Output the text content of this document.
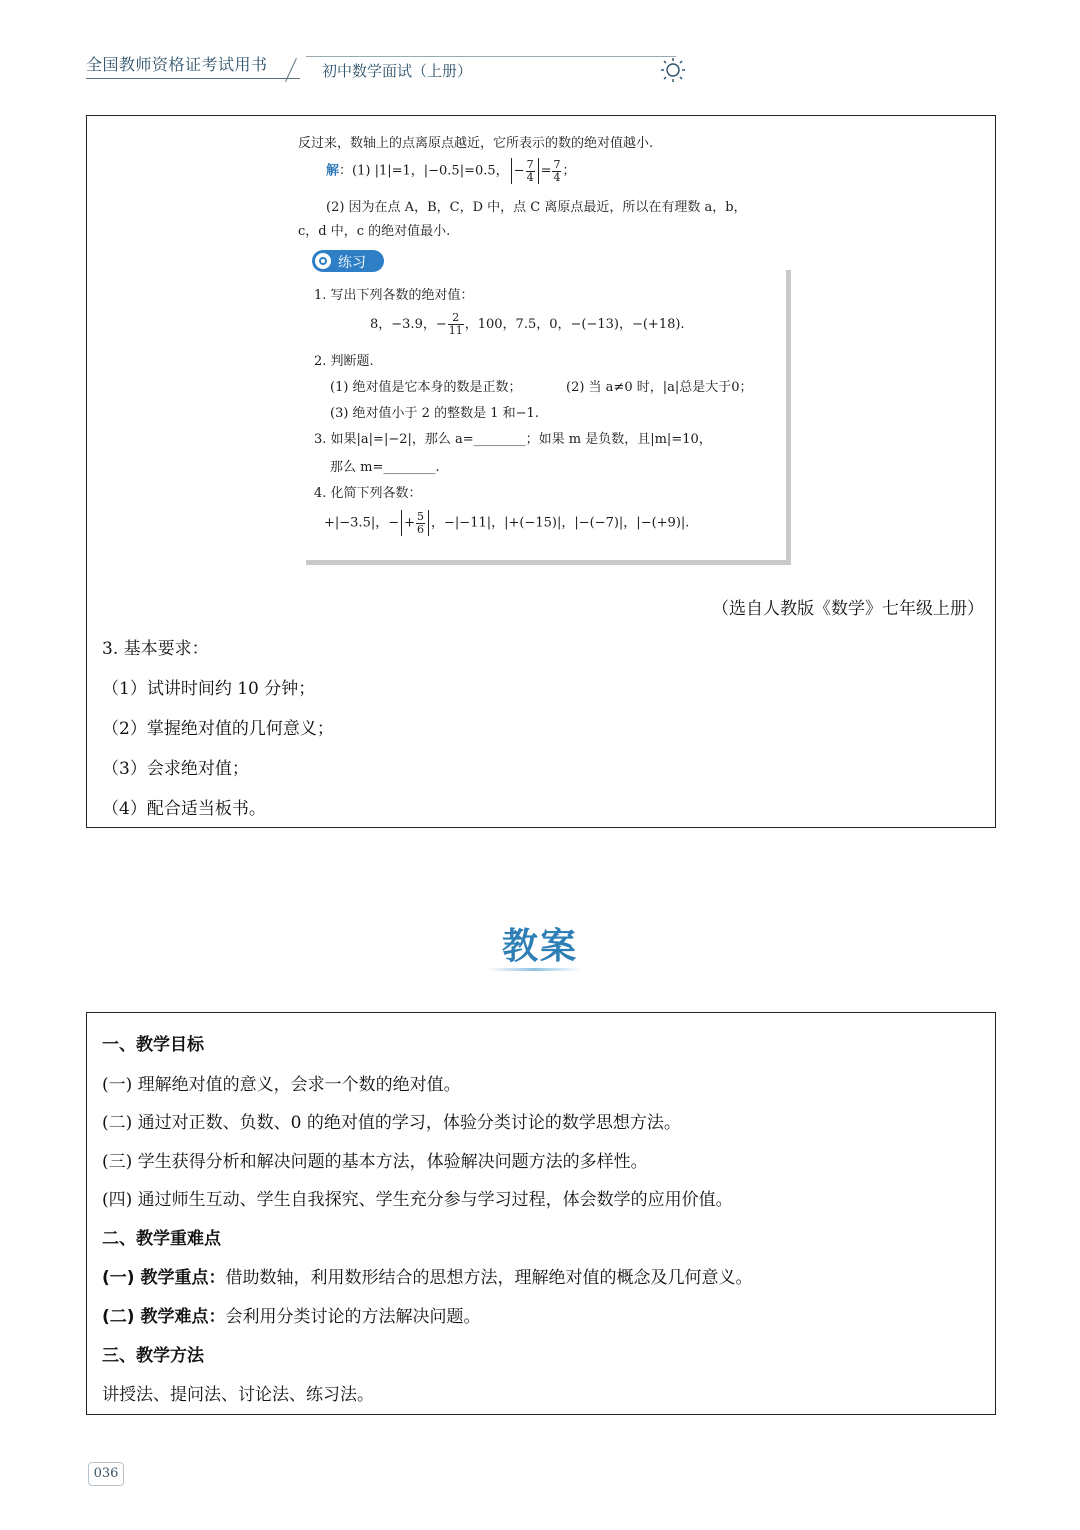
全国教师资格证考试用书	初中数学面试（上册）
反过来，数轴上的点离原点越近，它所表示的数的绝对值越小.
解：(1) |1|=1，|−0.5|=0.5， − $\frac{7}{4} = \frac{7}{4}$ ；
(2) 因为在点 A，B，C，D 中，点 C 离原点最近，所以在有理数 a，b，
c，d 中，c 的绝对值最小.
练习
1. 写出下列各数的绝对值：
8，−3.9，− $\frac{2}{11}$ ，100，7.5，0，−(−13)，−(+18).
2. 判断题.
(1) 绝对值是它本身的数是正数；	(2) 当 a≠0 时，|a|总是大于0；
(3) 绝对值小于 2 的整数是 1 和−1.
3. 如果|a|=|−2|，那么 a=________；如果 m 是负数，且|m|=10，
那么 m=________.
4. 化简下列各数：
+|−3.5|，− + $\frac{5}{6}$ ，−|−11|，|+(−15)|，|−(−7)|，|−(+9)|.
（选自人教版《数学》七年级上册）
3. 基本要求：
（1）试讲时间约 10 分钟；
（2）掌握绝对值的几何意义；
（3）会求绝对值；
（4）配合适当板书。
教案
一、教学目标
(一) 理解绝对值的意义，会求一个数的绝对值。
(二) 通过对正数、负数、0 的绝对值的学习，体验分类讨论的数学思想方法。
(三) 学生获得分析和解决问题的基本方法，体验解决问题方法的多样性。
(四) 通过师生互动、学生自我探究、学生充分参与学习过程，体会数学的应用价值。
二、教学重难点
(一) 教学重点：借助数轴，利用数形结合的思想方法，理解绝对值的概念及几何意义。
(二) 教学难点：会利用分类讨论的方法解决问题。
三、教学方法
讲授法、提问法、讨论法、练习法。
036
